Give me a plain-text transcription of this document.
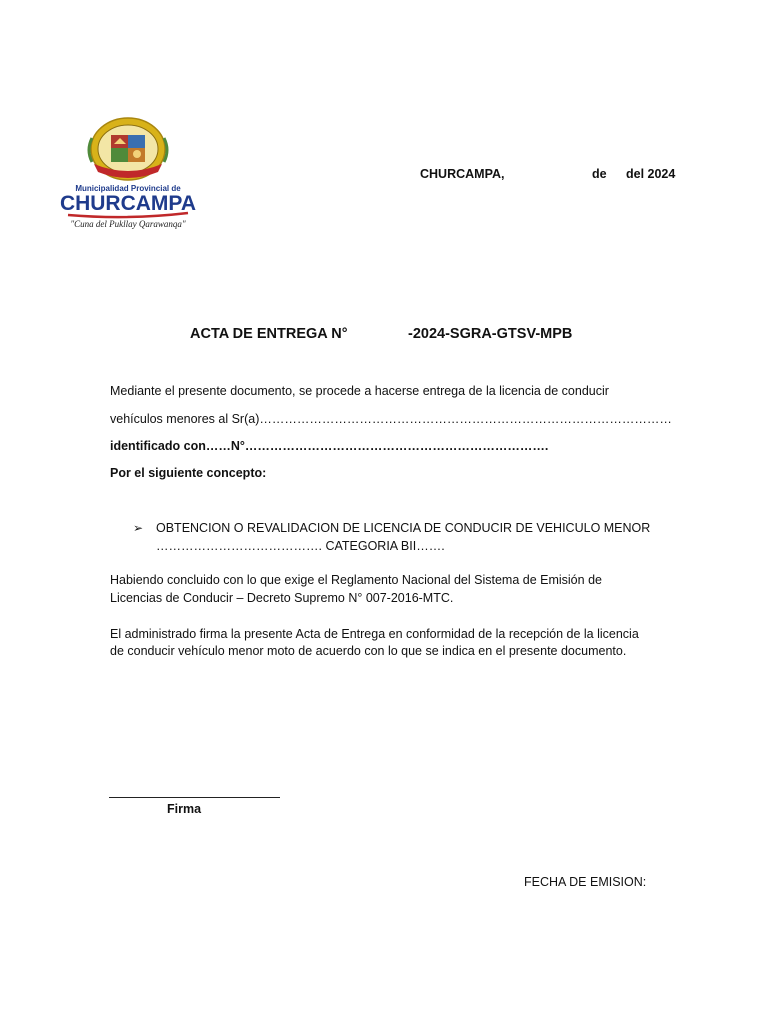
Municipalidad Provincial de
CHURCAMPA
"Cuna del Pukllay Qarawanqa"
CHURCAMPA,	de del 2024
ACTA DE ENTREGA N°	-2024-SGRA-GTSV-MPB
Mediante el presente documento, se procede a hacerse entrega de la licencia de conducir
vehículos menores al Sr(a)………………………………………………………………………………………
identificado con……N°……………………………………………………………….
Por el siguiente concepto:
➢ OBTENCION O REVALIDACION DE LICENCIA DE CONDUCIR DE VEHICULO MENOR
…………………………………. CATEGORIA BII…….
Habiendo concluido con lo que exige el Reglamento Nacional del Sistema de Emisión de
Licencias de Conducir – Decreto Supremo N° 007-2016-MTC.
El administrado firma la presente Acta de Entrega en conformidad de la recepción de la licencia
de conducir vehículo menor moto de acuerdo con lo que se indica en el presente documento.
Firma
FECHA DE EMISION:
